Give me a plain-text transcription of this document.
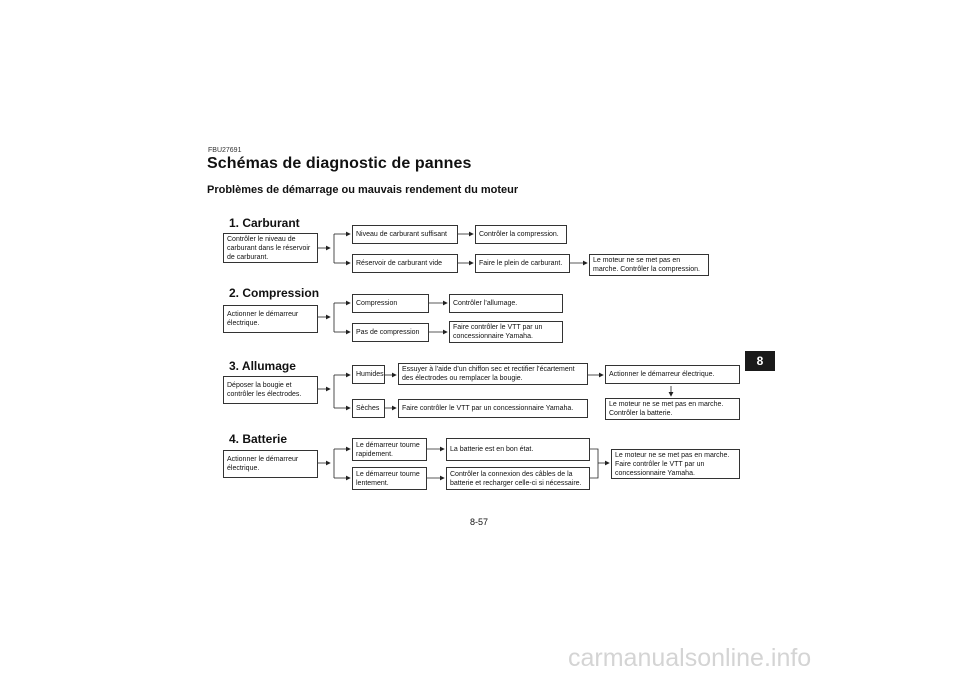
FBU27691
Schémas de diagnostic de pannes
Problèmes de démarrage ou mauvais rendement du moteur
1. Carburant
Contrôler le niveau de carburant dans le réservoir de carburant.
Niveau de carburant suffisant	Contrôler la compression.
Réservoir de carburant vide	Faire le plein de carburant.	Le moteur ne se met pas en marche. Contrôler la compression.
2. Compression
Actionner le démarreur électrique.
Compression	Contrôler l’allumage.
Pas de compression
Faire contrôler le VTT par un concessionnaire Yamaha.
3. Allumage
Déposer la bougie et contrôler les électrodes.
Humides
Essuyer à l’aide d’un chiffon sec et rectifier l’écartement des électrodes ou remplacer la bougie.
Actionner le démarreur électrique.
Sèches	Faire contrôler le VTT par un concessionnaire Yamaha.
Le moteur ne se met pas en marche. Contrôler la batterie.
4. Batterie
Actionner le démarreur électrique.
Le démarreur tourne rapidement.
La batterie est en bon état.
Le démarreur tourne lentement.
Contrôler la connexion des câbles de la batterie et recharger celle-ci si nécessaire.
Le moteur ne se met pas en marche. Faire contrôler le VTT par un concessionnaire Yamaha.
8
8-57
carmanualsonline.info
